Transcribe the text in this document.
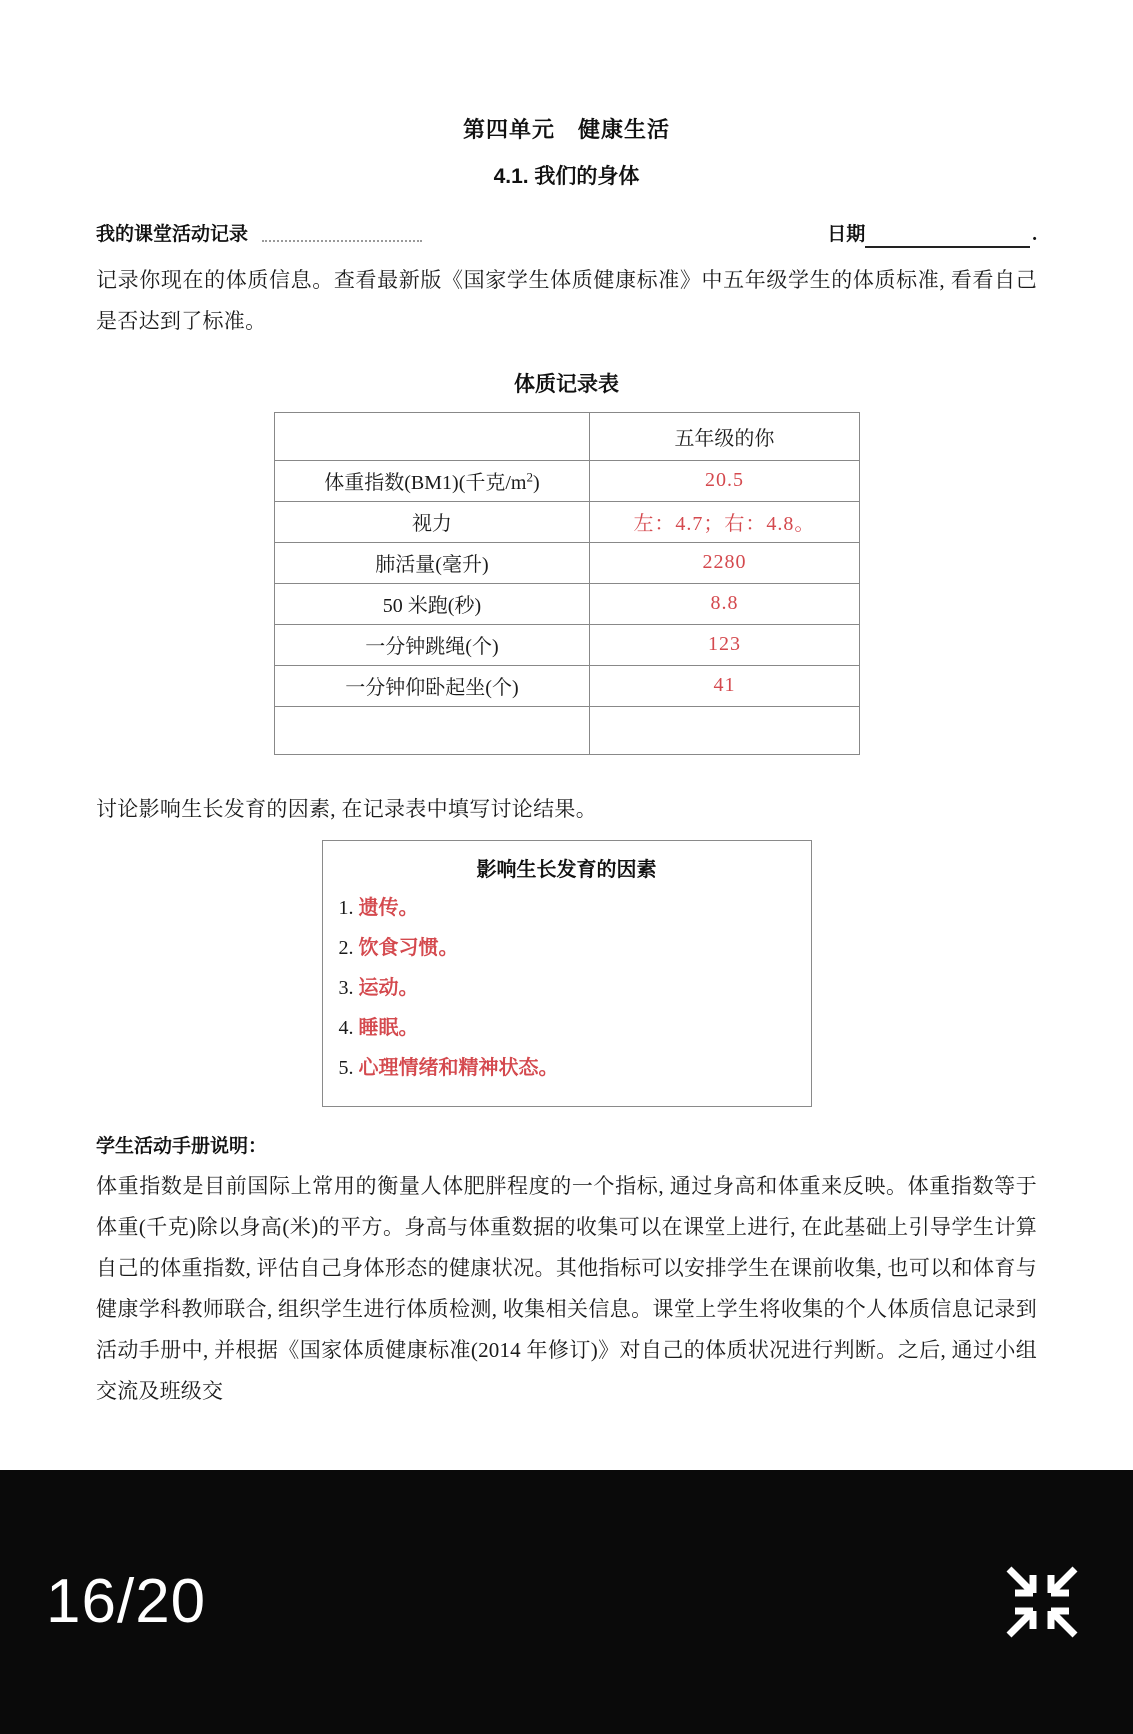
第四单元　健康生活
4.1. 我们的身体
我的课堂活动记录	日期	.
记录你现在的体质信息。查看最新版《国家学生体质健康标准》中五年级学生的体质标准, 看看自己是否达到了标准。
体质记录表
	五年级的你
体重指数(BM1)(千克$/m^2$)	20.5
视力	左：4.7；右：4.8。
肺活量(毫升)	2280
50 米跑(秒)	8.8
一分钟跳绳(个)	123
一分钟仰卧起坐(个)	41

讨论影响生长发育的因素, 在记录表中填写讨论结果。
影响生长发育的因素
1. 遗传。
2. 饮食习惯。
3. 运动。
4. 睡眠。
5. 心理情绪和精神状态。
学生活动手册说明：
体重指数是目前国际上常用的衡量人体肥胖程度的一个指标, 通过身高和体重来反映。体重指数等于体重(千克)除以身高(米)的平方。身高与体重数据的收集可以在课堂上进行, 在此基础上引导学生计算自己的体重指数, 评估自己身体形态的健康状况。其他指标可以安排学生在课前收集, 也可以和体育与健康学科教师联合, 组织学生进行体质检测, 收集相关信息。课堂上学生将收集的个人体质信息记录到活动手册中, 并根据《国家体质健康标准(2014 年修订)》对自己的体质状况进行判断。之后, 通过小组交流及班级交
16/20
